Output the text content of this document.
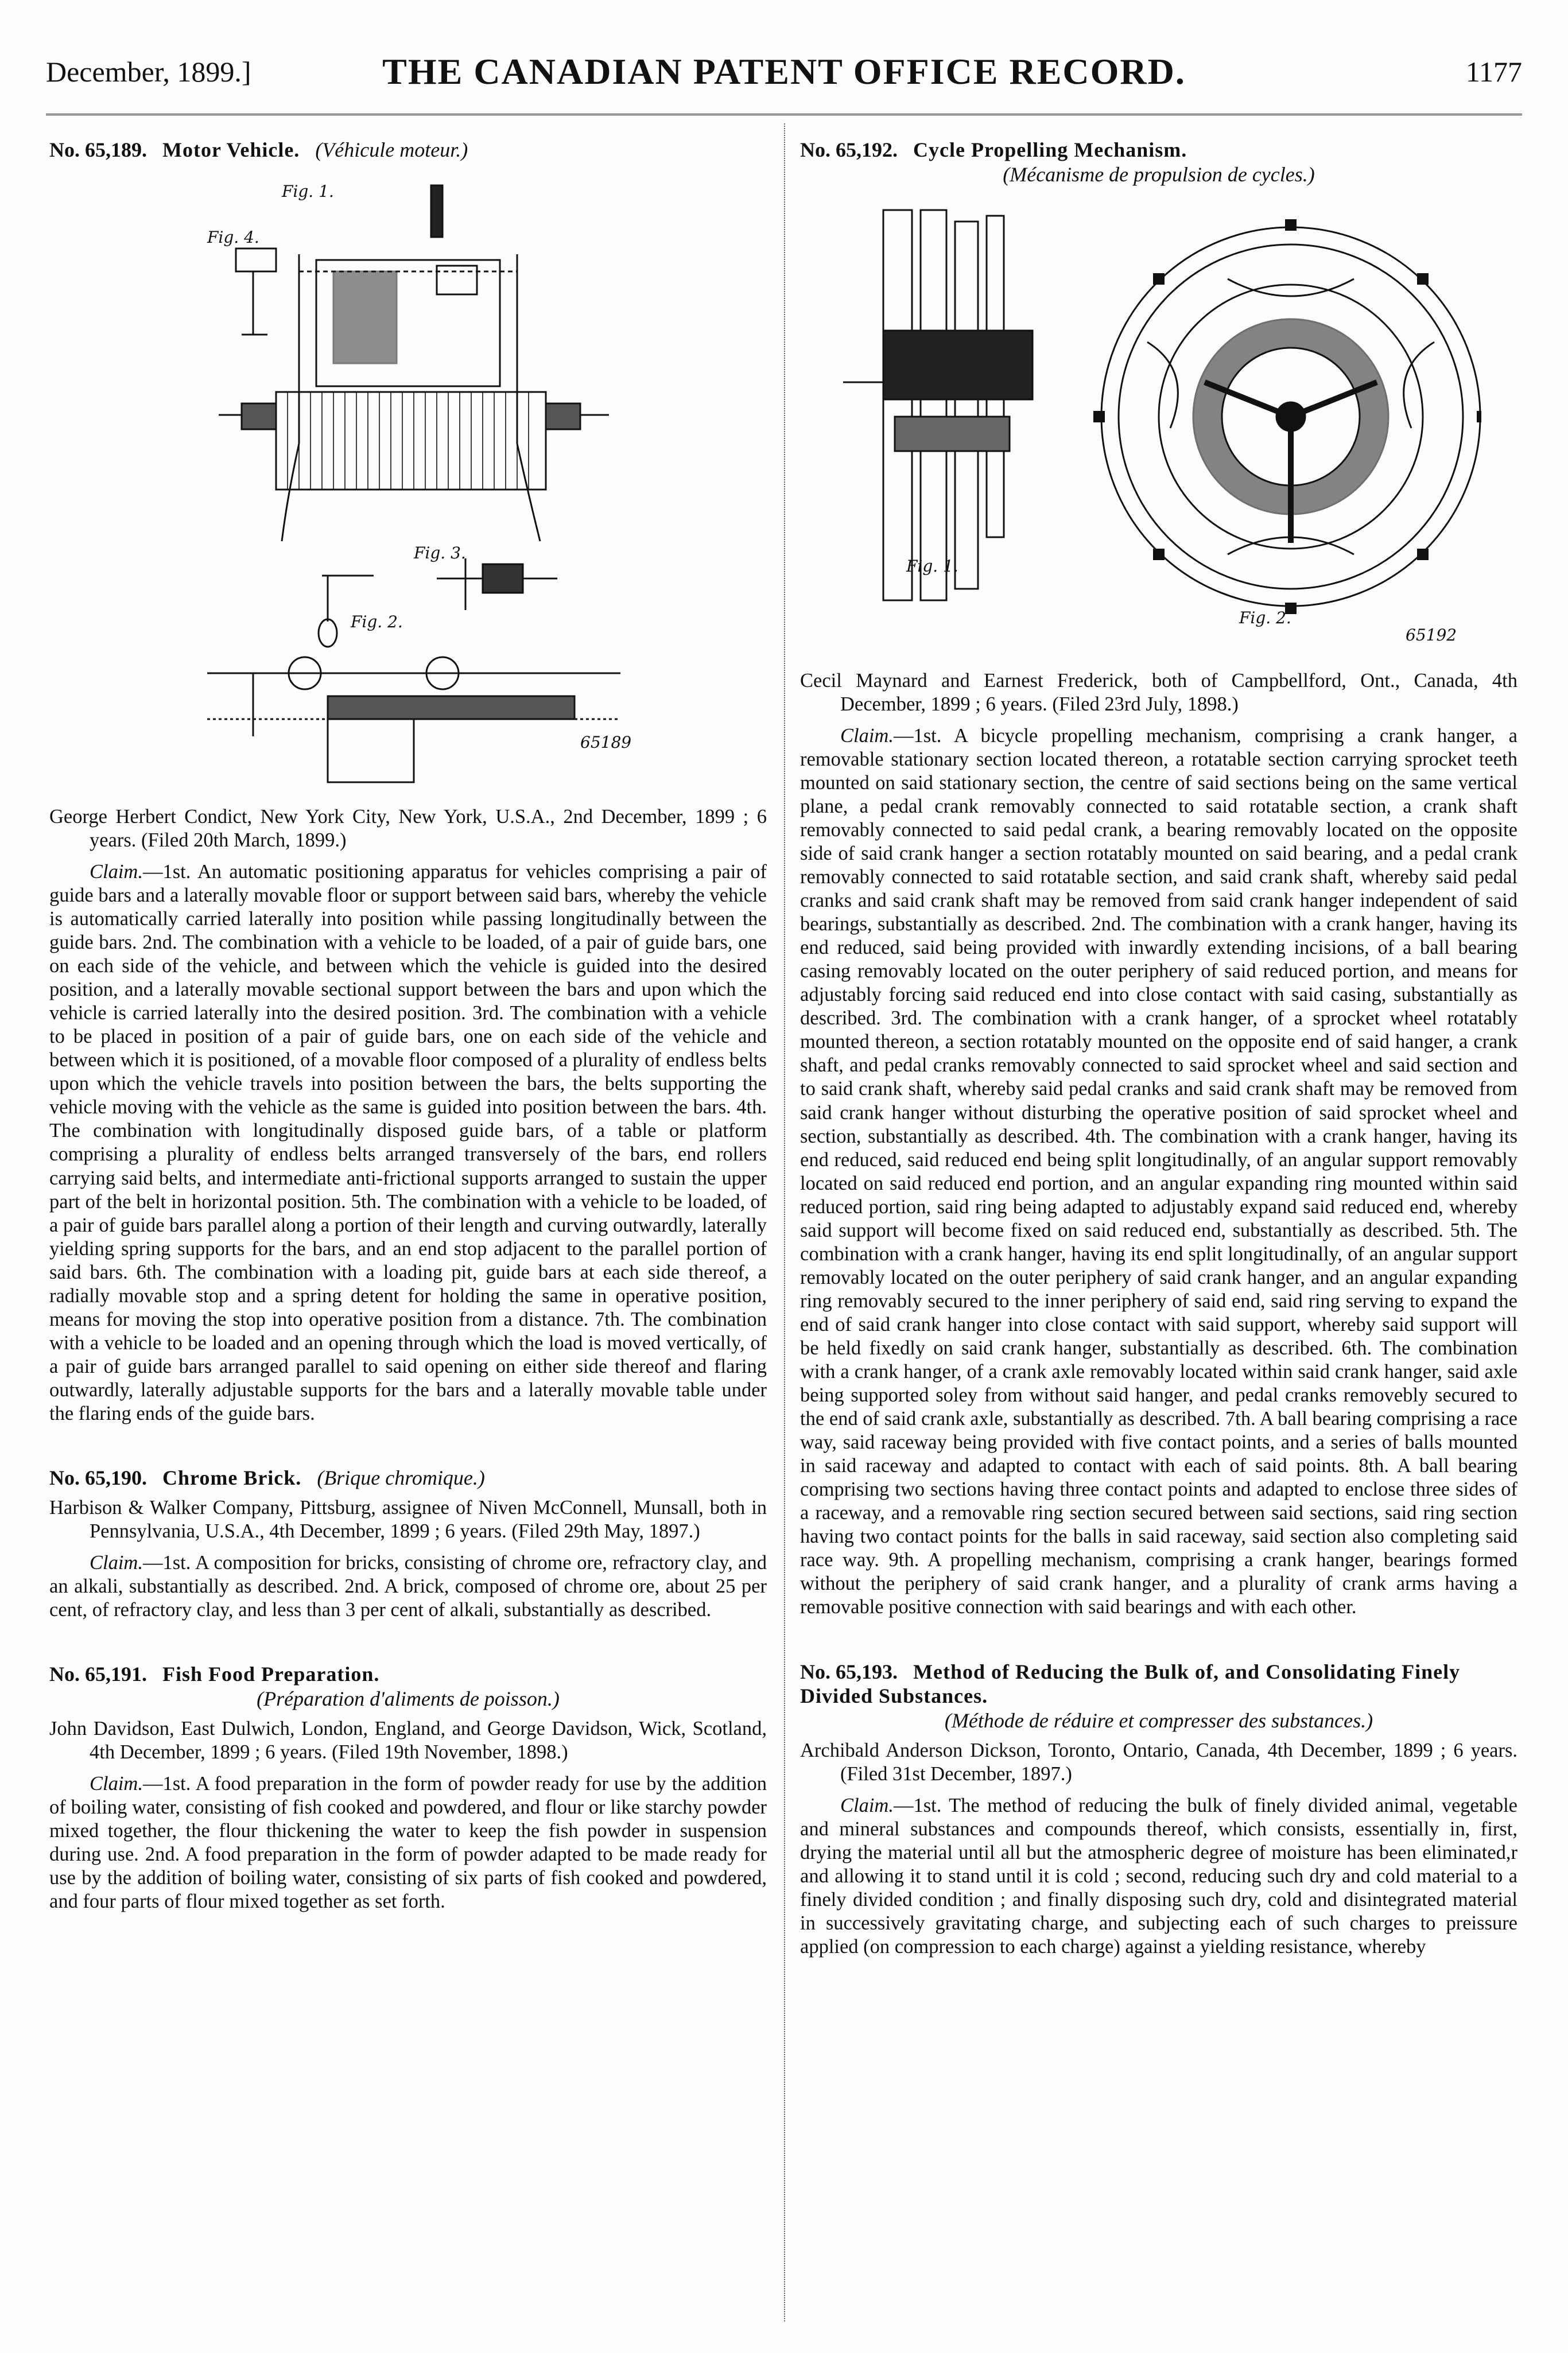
December, 1899.]	THE CANADIAN PATENT OFFICE RECORD.	1177
No. 65,189. Motor Vehicle. (Véhicule moteur.)
Fig. 1.
Fig. 4.
Fig. 3.
Fig. 2.
65189

George Herbert Condict, New York City, New York, U.S.A., 2nd December, 1899 ; 6 years. (Filed 20th March, 1899.)

Claim.—1st. An automatic positioning apparatus for vehicles comprising a pair of guide bars and a laterally movable floor or support between said bars, whereby the vehicle is automatically carried laterally into position while passing longitudinally between the guide bars. 2nd. The combination with a vehicle to be loaded, of a pair of guide bars, one on each side of the vehicle, and between which the vehicle is guided into the desired position, and a laterally movable sectional support between the bars and upon which the vehicle is carried laterally into the desired position. 3rd. The combination with a vehicle to be placed in position of a pair of guide bars, one on each side of the vehicle and between which it is positioned, of a movable floor composed of a plurality of endless belts upon which the vehicle travels into position between the bars, the belts supporting the vehicle moving with the vehicle as the same is guided into position between the bars. 4th. The combination with longitudinally disposed guide bars, of a table or platform comprising a plurality of endless belts arranged transversely of the bars, end rollers carrying said belts, and intermediate anti-frictional supports arranged to sustain the upper part of the belt in horizontal position. 5th. The combination with a vehicle to be loaded, of a pair of guide bars parallel along a portion of their length and curving outwardly, laterally yielding spring supports for the bars, and an end stop adjacent to the parallel portion of said bars. 6th. The combination with a loading pit, guide bars at each side thereof, a radially movable stop and a spring detent for holding the same in operative position, means for moving the stop into operative position from a distance. 7th. The combination with a vehicle to be loaded and an opening through which the load is moved vertically, of a pair of guide bars arranged parallel to said opening on either side thereof and flaring outwardly, laterally adjustable supports for the bars and a laterally movable table under the flaring ends of the guide bars.

No. 65,190. Chrome Brick. (Brique chromique.)

Harbison & Walker Company, Pittsburg, assignee of Niven McConnell, Munsall, both in Pennsylvania, U.S.A., 4th December, 1899 ; 6 years. (Filed 29th May, 1897.)

Claim.—1st. A composition for bricks, consisting of chrome ore, refractory clay, and an alkali, substantially as described. 2nd. A brick, composed of chrome ore, about 25 per cent, of refractory clay, and less than 3 per cent of alkali, substantially as described.

No. 65,191. Fish Food Preparation.
(Préparation d'aliments de poisson.)

John Davidson, East Dulwich, London, England, and George Davidson, Wick, Scotland, 4th December, 1899 ; 6 years. (Filed 19th November, 1898.)

Claim.—1st. A food preparation in the form of powder ready for use by the addition of boiling water, consisting of fish cooked and powdered, and flour or like starchy powder mixed together, the flour thickening the water to keep the fish powder in suspension during use. 2nd. A food preparation in the form of powder adapted to be made ready for use by the addition of boiling water, consisting of six parts of fish cooked and powdered, and four parts of flour mixed together as set forth.

No. 65,192. Cycle Propelling Mechanism.
(Mécanisme de propulsion de cycles.)
Fig. 1.
Fig. 2.
65192

Cecil Maynard and Earnest Frederick, both of Campbellford, Ont., Canada, 4th December, 1899 ; 6 years. (Filed 23rd July, 1898.)

Claim.—1st. A bicycle propelling mechanism, comprising a crank hanger, a removable stationary section located thereon, a rotatable section carrying sprocket teeth mounted on said stationary section, the centre of said sections being on the same vertical plane, a pedal crank removably connected to said rotatable section, a crank shaft removably connected to said pedal crank, a bearing removably located on the opposite side of said crank hanger a section rotatably mounted on said bearing, and a pedal crank removably connected to said rotatable section, and said crank shaft, whereby said pedal cranks and said crank shaft may be removed from said crank hanger independent of said bearings, substantially as described. 2nd. The combination with a crank hanger, having its end reduced, said being provided with inwardly extending incisions, of a ball bearing casing removably located on the outer periphery of said reduced portion, and means for adjustably forcing said reduced end into close contact with said casing, substantially as described. 3rd. The combination with a crank hanger, of a sprocket wheel rotatably mounted thereon, a section rotatably mounted on the opposite end of said hanger, a crank shaft, and pedal cranks removably connected to said sprocket wheel and said section and to said crank shaft, whereby said pedal cranks and said crank shaft may be removed from said crank hanger without disturbing the operative position of said sprocket wheel and section, substantially as described. 4th. The combination with a crank hanger, having its end reduced, said reduced end being split longitudinally, of an angular support removably located on said reduced end portion, and an angular expanding ring mounted within said reduced portion, said ring being adapted to adjustably expand said reduced end, whereby said support will become fixed on said reduced end, substantially as described. 5th. The combination with a crank hanger, having its end split longitudinally, of an angular support removably located on the outer periphery of said crank hanger, and an angular expanding ring removably secured to the inner periphery of said end, said ring serving to expand the end of said crank hanger into close contact with said support, whereby said support will be held fixedly on said crank hanger, substantially as described. 6th. The combination with a crank hanger, of a crank axle removably located within said crank hanger, said axle being supported soley from without said hanger, and pedal cranks removebly secured to the end of said crank axle, substantially as described. 7th. A ball bearing comprising a race way, said raceway being provided with five contact points, and a series of balls mounted in said raceway and adapted to contact with each of said points. 8th. A ball bearing comprising two sections having three contact points and adapted to enclose three sides of a raceway, and a removable ring section secured between said sections, said ring section having two contact points for the balls in said raceway, said section also completing said race way. 9th. A propelling mechanism, comprising a crank hanger, bearings formed without the periphery of said crank hanger, and a plurality of crank arms having a removable positive connection with said bearings and with each other.

No. 65,193. Method of Reducing the Bulk of, and Consolidating Finely Divided Substances.
(Méthode de réduire et compresser des substances.)

Archibald Anderson Dickson, Toronto, Ontario, Canada, 4th December, 1899 ; 6 years. (Filed 31st December, 1897.)

Claim.—1st. The method of reducing the bulk of finely divided animal, vegetable and mineral substances and compounds thereof, which consists, essentially in, first, drying the material until all but the atmospheric degree of moisture has been eliminated,r and allowing it to stand until it is cold ; second, reducing such dry and cold material to a finely divided condition ; and finally disposing such dry, cold and disintegrated material in successively gravitating charge, and subjecting each of such charges to preissure applied (on compression to each charge) against a yielding resistance, whereby
